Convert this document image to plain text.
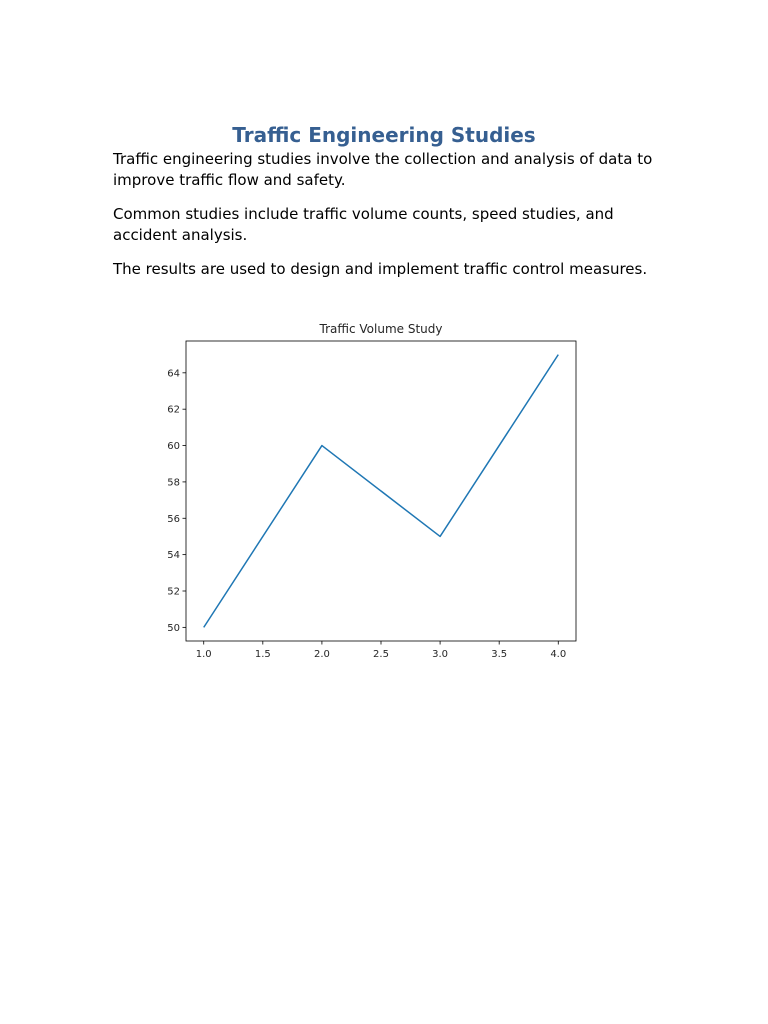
Traffic Engineering Studies

Traffic engineering studies involve the collection and analysis of data to improve traffic flow and safety.

Common studies include traffic volume counts, speed studies, and accident analysis.

The results are used to design and implement traffic control measures.

Traffic Volume Study
1.0	1.5	2.0	2.5	3.0	3.5	4.0
50
52
54
56
58
60
62
64
